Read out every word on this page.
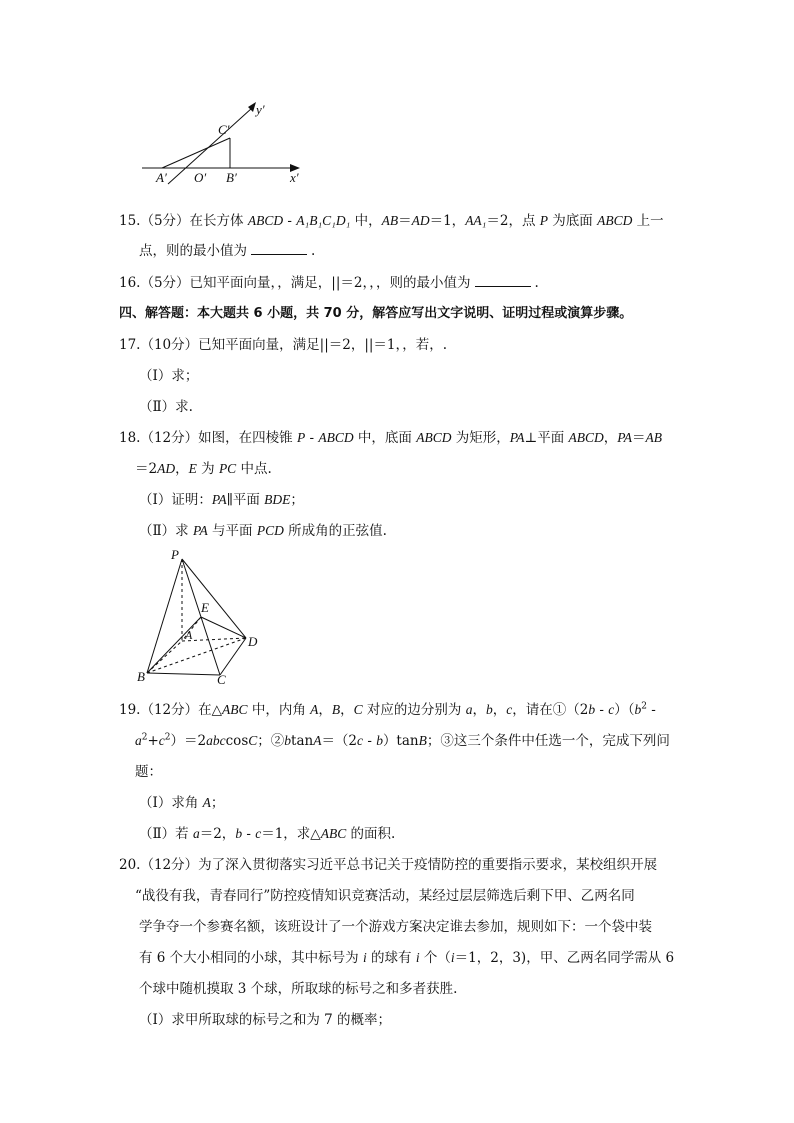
y′
C′
A′ O′ B′	x′
15.（5分）在长方体 ABCD - A₁B₁C₁D₁ 中，AB＝AD＝1，AA₁＝2，点 P 为底面 ABCD 上一
点，则的最小值为	.
16.（5分）已知平面向量，，满足，||＝2，，，则的最小值为	.
四、解答题：本大题共 6 小题，共 70 分，解答应写出文字说明、证明过程或演算步骤。
17.（10分）已知平面向量，满足||＝2，||＝1，，若，.
（Ⅰ）求；
（Ⅱ）求.
18.（12分）如图，在四棱锥 P - ABCD 中，底面 ABCD 为矩形，PA⊥平面 ABCD，PA＝AB
＝2AD，E 为 PC 中点.
（Ⅰ）证明：PA∥平面 BDE；
（Ⅱ）求 PA 与平面 PCD 所成角的正弦值.
P
E
A	D
B	C
19.（12分）在△ABC 中，内角 A，B，C 对应的边分别为 a，b，c，请在①（2b - $c)(b^2$ -
$a^2+c^2)=2abccosC$；②btanA＝（2c - b）tanB；③这三个条件中任选一个，完成下列问
题：
（Ⅰ）求角 A；
（Ⅱ）若 a＝2，b - c＝1，求△ABC 的面积.
20.（12分）为了深入贯彻落实习近平总书记关于疫情防控的重要指示要求，某校组织开展
“战役有我，青春同行”防控疫情知识竞赛活动，某经过层层筛选后剩下甲、乙两名同
学争夺一个参赛名额，该班设计了一个游戏方案决定谁去参加，规则如下：一个袋中装
有 6 个大小相同的小球，其中标号为 i 的球有 i 个（i＝1，2，3)，甲、乙两名同学需从 6
个球中随机摸取 3 个球，所取球的标号之和多者获胜.
（Ⅰ）求甲所取球的标号之和为 7 的概率；
